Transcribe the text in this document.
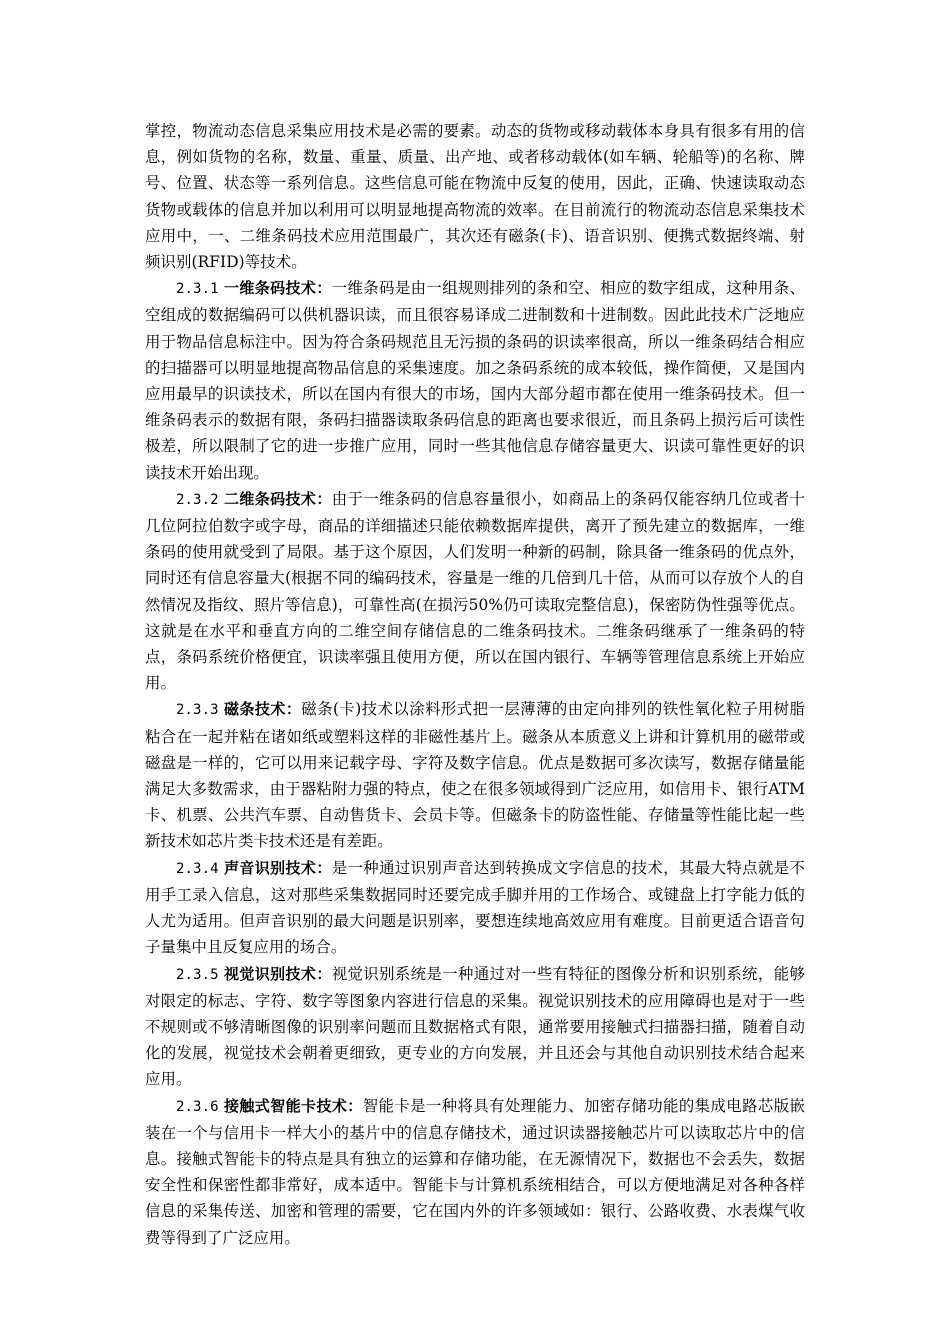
掌控，物流动态信息采集应用技术是必需的要素。动态的货物或移动载体本身具有很多有用的信息，例如货物的名称，数量、重量、质量、出产地、或者移动载体(如车辆、轮船等)的名称、牌号、位置、状态等一系列信息。这些信息可能在物流中反复的使用，因此，正确、快速读取动态货物或载体的信息并加以利用可以明显地提高物流的效率。在目前流行的物流动态信息采集技术应用中，一、二维条码技术应用范围最广，其次还有磁条(卡)、语音识别、便携式数据终端、射频识别(RFID)等技术。

2.3.1 一维条码技术：一维条码是由一组规则排列的条和空、相应的数字组成，这种用条、空组成的数据编码可以供机器识读，而且很容易译成二进制数和十进制数。因此此技术广泛地应用于物品信息标注中。因为符合条码规范且无污损的条码的识读率很高，所以一维条码结合相应的扫描器可以明显地提高物品信息的采集速度。加之条码系统的成本较低，操作简便，又是国内应用最早的识读技术，所以在国内有很大的市场，国内大部分超市都在使用一维条码技术。但一维条码表示的数据有限，条码扫描器读取条码信息的距离也要求很近，而且条码上损污后可读性极差，所以限制了它的进一步推广应用，同时一些其他信息存储容量更大、识读可靠性更好的识读技术开始出现。

2.3.2 二维条码技术：由于一维条码的信息容量很小，如商品上的条码仅能容纳几位或者十几位阿拉伯数字或字母，商品的详细描述只能依赖数据库提供，离开了预先建立的数据库，一维条码的使用就受到了局限。基于这个原因，人们发明一种新的码制，除具备一维条码的优点外，同时还有信息容量大(根据不同的编码技术，容量是一维的几倍到几十倍，从而可以存放个人的自然情况及指纹、照片等信息)，可靠性高(在损污50%仍可读取完整信息)，保密防伪性强等优点。这就是在水平和垂直方向的二维空间存储信息的二维条码技术。二维条码继承了一维条码的特点，条码系统价格便宜，识读率强且使用方便，所以在国内银行、车辆等管理信息系统上开始应用。

2.3.3 磁条技术：磁条(卡)技术以涂料形式把一层薄薄的由定向排列的铁性氧化粒子用树脂粘合在一起并粘在诸如纸或塑料这样的非磁性基片上。磁条从本质意义上讲和计算机用的磁带或磁盘是一样的，它可以用来记载字母、字符及数字信息。优点是数据可多次读写，数据存储量能满足大多数需求，由于器粘附力强的特点，使之在很多领域得到广泛应用，如信用卡、银行ATM卡、机票、公共汽车票、自动售货卡、会员卡等。但磁条卡的防盗性能、存储量等性能比起一些新技术如芯片类卡技术还是有差距。

2.3.4 声音识别技术：是一种通过识别声音达到转换成文字信息的技术，其最大特点就是不用手工录入信息，这对那些采集数据同时还要完成手脚并用的工作场合、或键盘上打字能力低的人尤为适用。但声音识别的最大问题是识别率，要想连续地高效应用有难度。目前更适合语音句子量集中且反复应用的场合。

2.3.5 视觉识别技术：视觉识别系统是一种通过对一些有特征的图像分析和识别系统，能够对限定的标志、字符、数字等图象内容进行信息的采集。视觉识别技术的应用障碍也是对于一些不规则或不够清晰图像的识别率问题而且数据格式有限，通常要用接触式扫描器扫描，随着自动化的发展，视觉技术会朝着更细致，更专业的方向发展，并且还会与其他自动识别技术结合起来应用。

2.3.6 接触式智能卡技术：智能卡是一种将具有处理能力、加密存储功能的集成电路芯版嵌装在一个与信用卡一样大小的基片中的信息存储技术，通过识读器接触芯片可以读取芯片中的信息。接触式智能卡的特点是具有独立的运算和存储功能，在无源情况下，数据也不会丢失，数据安全性和保密性都非常好，成本适中。智能卡与计算机系统相结合，可以方便地满足对各种各样信息的采集传送、加密和管理的需要，它在国内外的许多领域如：银行、公路收费、水表煤气收费等得到了广泛应用。
